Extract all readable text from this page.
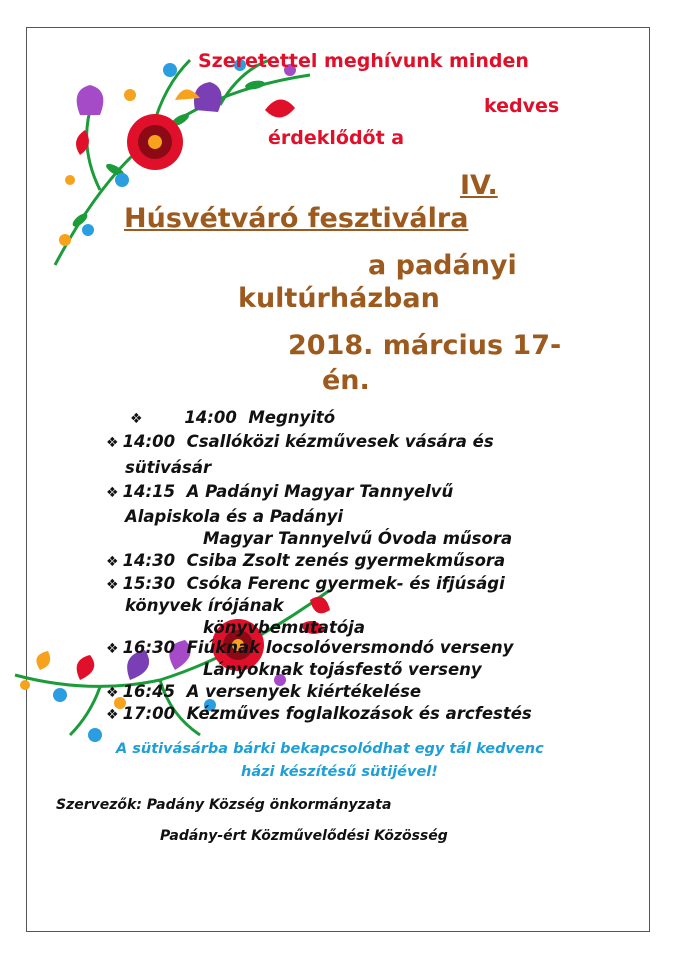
Szeretettel meghívunk minden
kedves
érdeklődőt a
IV.
Húsvétváró fesztiválra
a padányi
kultúrházban
2018. március 17-
én.
❖	14:00 Megnyitó
❖ 14:00 Csallóközi kézművesek vására és
sütivásár
❖ 14:15 A Padányi Magyar Tannyelvű
Alapiskola és a Padányi
Magyar Tannyelvű Óvoda műsora
❖ 14:30 Csiba Zsolt zenés gyermekműsora
❖ 15:30 Csóka Ferenc gyermek- és ifjúsági
könyvek írójának
könyvbemutatója
❖ 16:30 Fiúknak locsolóversmondó verseny
Lányoknak tojásfestő verseny
❖ 16:45 A versenyek kiértékelése
❖ 17:00 Kézműves foglalkozások és arcfestés
A sütivásárba bárki bekapcsolódhat egy tál kedvenc
házi készítésű sütijével!
Szervezők: Padány Község önkormányzata
Padány-ért Közművelődési Közösség
